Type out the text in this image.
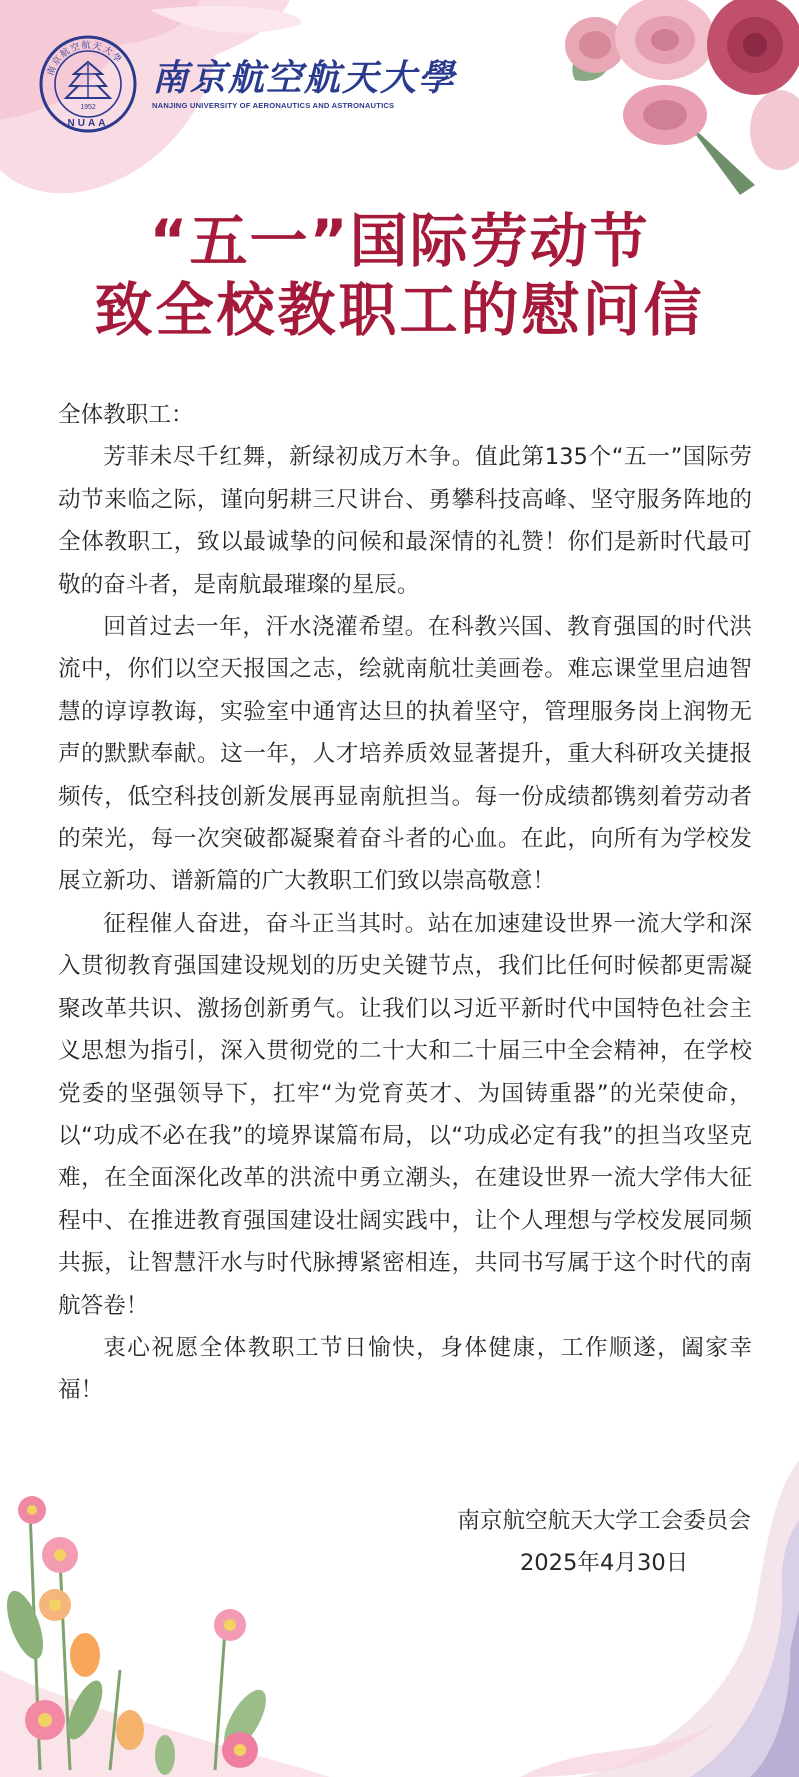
1952
NUAA
南京航空航天大學 南京航空航天大學
NANJING UNIVERSITY OF AERONAUTICS AND ASTRONAUTICS
“五一”国际劳动节
致全校教职工的慰问信

全体教职工：

芳菲未尽千红舞，新绿初成万木争。值此第135个“五一”国际劳动节来临之际，谨向躬耕三尺讲台、勇攀科技高峰、坚守服务阵地的全体教职工，致以最诚挚的问候和最深情的礼赞！你们是新时代最可敬的奋斗者，是南航最璀璨的星辰。

回首过去一年，汗水浇灌希望。在科教兴国、教育强国的时代洪流中，你们以空天报国之志，绘就南航壮美画卷。难忘课堂里启迪智慧的谆谆教诲，实验室中通宵达旦的执着坚守，管理服务岗上润物无声的默默奉献。这一年，人才培养质效显著提升，重大科研攻关捷报频传，低空科技创新发展再显南航担当。每一份成绩都镌刻着劳动者的荣光，每一次突破都凝聚着奋斗者的心血。在此，向所有为学校发展立新功、谱新篇的广大教职工们致以崇高敬意！

征程催人奋进，奋斗正当其时。站在加速建设世界一流大学和深入贯彻教育强国建设规划的历史关键节点，我们比任何时候都更需凝聚改革共识、激扬创新勇气。让我们以习近平新时代中国特色社会主义思想为指引，深入贯彻党的二十大和二十届三中全会精神，在学校党委的坚强领导下，扛牢“为党育英才、为国铸重器”的光荣使命，以“功成不必在我”的境界谋篇布局，以“功成必定有我”的担当攻坚克难，在全面深化改革的洪流中勇立潮头，在建设世界一流大学伟大征程中、在推进教育强国建设壮阔实践中，让个人理想与学校发展同频共振，让智慧汗水与时代脉搏紧密相连，共同书写属于这个时代的南航答卷！

衷心祝愿全体教职工节日愉快，身体健康，工作顺遂，阖家幸福！

南京航空航天大学工会委员会
2025年4月30日
